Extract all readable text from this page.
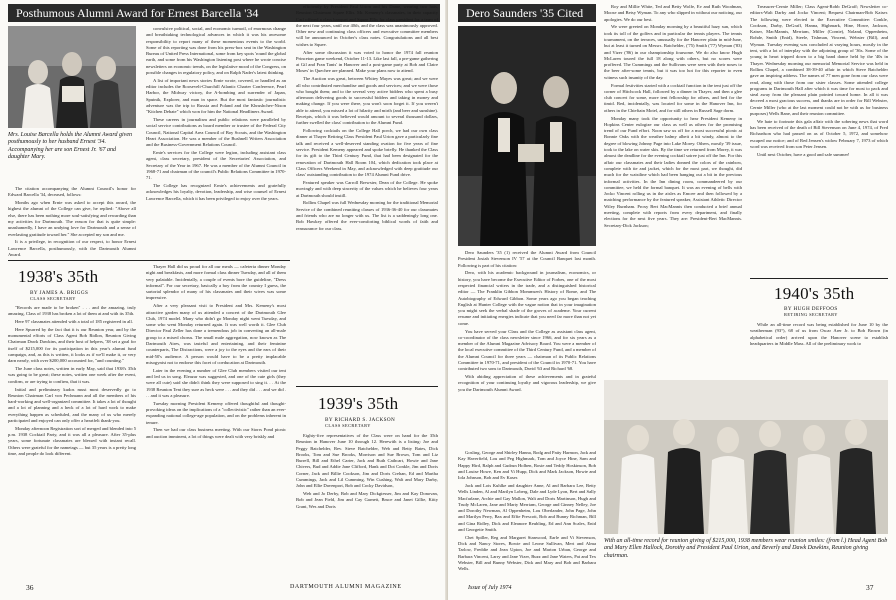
Posthumous Alumni Award for Ernest Barcella '34
Mrs. Louise Barcella holds the Alumni Award given posthumously to her husband Ernest '34. Accompanying her are son Ernest Jr. '67 and daughter Mary.

The citation accompanying the Alumni Council's honor for Edward Barcella '34, deceased, follows:

Months ago when Ernie was asked to accept this award, the highest the alumni of the College can give, he replied: "Above all else, there has been nothing more soul-satisfying and rewarding than my activities for Dartmouth. The reason for that is quite simple: unashamedly, I have an undying love for Dartmouth and a sense of everlasting gratitude toward her." She accepted my son and me.

It is a privilege, in recognition of our respect, to honor Ernest Lawrence Barcella, posthumously, with the Dartmouth Alumni Award.

convulsive political, social, and economic turmoil, of enormous change and breathtaking technological advances in which it was his awesome responsibility to report many of these momentous events to the world. Some of this reporting was done from his press-box seat in the Washington Bureau of United Press International, some from key spots 'round the global earth, and some from his Washington listening post where he wrote concise newsletters on economic trends, on the legislative mood of the Congress, on possible changes in regulatory policy, and on Ralph Nader's latest thinking.

A list of important news stories Ernie wrote, covered, or handled as an editor includes the Roosevelt-Churchill Atlantic Charter Conference, Pearl Harbor, the Midway victory, the A-bombing and surrender of Japan, Sputnik, Explorer, and man in space. But the most fantastic journalistic adventure was the trip to Russia and Poland and the Khrushchev-Nixon "Kitchen Debate" which won for him the National Headliners Award.

These careers in journalism and public relations were paralleled by social service contributions as board member or trustee of the Federal City Council, National Capital Area Council of Boy Scouts, and the Washington Heart Association. He was a member of the Bushnell Writers Association and the Business-Government Relations Council.

Ernie's services for the College were legion, including assistant class agent, class secretary, president of the Secretaries' Association, and Secretary of the Year in 1967. He was a member of the Alumni Council in 1968-71 and chairman of the council's Public Relations Committee in 1970-71.

The College has recognized Ernie's achievements and gratefully acknowledges his loyalty, devotion, leadership, and wise counsel of Ernest Lawrence Barcella, which it has been privileged to enjoy over the years.

1938's 35th
BY JAMES A. BRIGGS
CLASS SECRETARY

"Records are made to be broken" . . . and the amazing, truly amazing, Class of 1938 has broken a lot of them at and with its 35th.

Here 97 classmates attended with a total of 185 registered in all.

Here Spurred by the fact that it is our Reunion year, and by the monumental efforts of Class Agent Bob Ridlon, Reunion Giving Chairman Dawk Dawkins, and their host of helpers, '38 set a goal for itself of $215,000 for its participation in this year's alumni fund campaign, and, as this is written, it looks as if we'll make it, or very darn nearly, with over $200,000 accounted for, "and counting."

The June class notes, written in early May, said that 1938's 35th was going to be great; these notes, written one week after the event, confirm, or are trying to confirm, that it was.

Initial and preliminary kudos must most deservedly go to Reunion Chairman Carl von Pechmann and all the members of his hard-working and well-organized committee. It takes a lot of thought and a lot of planning and a heck of a lot of hard work to make everything happen as scheduled, and the many of us who merely participated and enjoyed can only offer a heartfelt thank-you.

Monday afternoon Registration sort of merged and blended into 5 p.m. 1938 Cocktail Party, and it was all a pleasure. After 35-plus years, some fortunate classmates are blessed with instant recall. Others were grateful for the nametags — but 35 years is a pretty long time, and people do look different.

Thayer Hall did us proud for all our meals — cafeteria dinner Monday night and breakfasts, and more formal class dinner Tuesday, and all of them very palatable. Incidentally, a couple of events bore the guideline, "Dress informal". For our secretary, basically a boy from the country I guess, the sartorial splendor of many of his classmates and their wives was some impressive.

After a very pleasant visit to President and Mrs. Kemeny's most attractive garden many of us attended a concert of the Dartmouth Glee Club, 1974 model. Many who didn't go Monday night went Tuesday, and some who went Monday returned again. It was well worth it. Glee Club Director Paul Zeller has done a tremendous job in converting an all-male group to a mixed chorus. The small male aggregation, now known as The Dartmouth Aires, was tasteful and entertaining, and their feminine counterparts, The Distractions, were a joy to the eyes and the ears of their mid-50's audience. A person would have to be a pretty implacable misogynist not to endorse this facet of coeducation at Dartmouth.

Later in the evening a number of Glee Club members visited our tent and led us in song. Eleazar was suggested, and one of the cute girls (they were all cute) said she didn't think they were supposed to sing it. . . At the 1938 Reunion Tent they sure as heck were . . . and they did . . . and we did . . . and it was a pleasure.

Tuesday morning President Kemeny offered thoughtful and thought-provoking ideas on the implications of a "collectivistic" rather than an ever-expanding national college-age population, and on the problems inherent in tenure.

Then we had our class business meeting. With our Storrs Pond picnic and auction imminent, a lot of things were dealt with very briskly and

efficiently by President Paul Urion and his Dame, wearing two hats, Reunion Chairman Squee Ellis. Mr. Kemeny's classmates, in their capacity Carl offered a class banquet and Squee Ellis for class president for a term of the next four years, until our 40th, and the class was unanimously approved. Other new and continuing class officers and executive committee members will be announced in October's class notes. Congratulations and all best wishes to Squee.

After some discussion it was voted to honor the 1974 fall reunion Princeton game weekend, October 11-13. Like last fall, a pre-game gathering at Gil and Fran Tanis' in Hanover and a post-game party at Bob and Claire Moses' in Quechee are planned. Make your plans now to attend.

The Auction was great, between Whitey Mayes was great; and we were all who contributed merchandise and goods and services; and we were those who bought them; and to the several very active bidders who spent a busy afternoon delivering goods to successful bidders and taking in money and making change. If you were there, you won't soon forget it. If you weren't able to attend, you missed a lot of hilarity and mirth (and beer and sunshine). Receipts, which it was believed would amount to several thousand dollars, further swelled the class' contribution to the Alumni Fund.

Following cocktails on the College Hall porch, we had our own class dinner at Thayer Retiring Class President Paul Urion gave a particularly fine talk and received a well-deserved standing ovation for five years of fine service. President Kemeny appeared and spoke briefly. He thanked the Class for its gift to the Third Century Fund, that had been designated for the renovation of Dartmouth Hall Room 104, which dedication took place at Class Officers Weekend in May, and acknowledged with deep gratitude our class' outstanding contribution to the 1974 Alumni Fund drive.

Featured speaker was Carroll Brewster, Dean of the College. He spoke movingly and with deep sincerity of the values which he believes four years at Dartmouth should instill.

Rollins Chapel was full Wednesday morning for the traditional Memorial Service of the combined reuniting classes of 1936-36-40 for our classmates and friends who are no longer with us. The list is a saddeningly long one. Bob Hawkey offered the ever-comforting biblical words of faith and reassurance for our class.

1939's 35th
BY RICHARD S. JACKSON
CLASS SECRETARY

Eighty-five representatives of the Class were on hand for the 35th Reunion in Hanover June 10 through 12. Herewith is a listing: Joe and Peggy Batchelder, Rev. Steve Batchelder, Web and Betty Bates, Dick Brooks, Tom and Sue Brooks, Morrison and Sue Brown, Tom and Liz Burrell, Bill and Ethel Carter, Jack and Ruth Cathcart, Howie and Jane Chivers, Bud and Addie Jane Clifford, Hank and Dot Conkle, Jim and Doris Corner, Jack and Billie Cookson, Jim and Doris Crehan, Ed and Martha Cummings, Jack and Lil Cumming, Win Cushing, Walt and Mary Darby, John and Ellie Davenport, Bob and Cocky Davidson,

Web and Jo Derby, Bob and Mary Dickgiesser, Jim and Kay Donovan, Bob and Jean Field, Jim and Cay Garnett, Bruce and Janet Gillie, Kitty Grant, Wes and Doris

36	DARTMOUTH ALUMNI MAGAZINE
Dero Saunders '35 Cited

Dero Saunders '35 (1) received the Alumni Award from Council President Josiah Stevenson IV '57 at the Council Banquet last month. Following is part of his citation:

Dero, with his academic background in journalism, economics, or history, you have become the Executive Editor of Forbes, one of the most respected financial writers in the trade, and a distinguished historical editor — The Franklin Gibbon Mommsen's History of Rome, and The Autobiography of Edward Gibbon. Some years ago you began teaching English at Hunter College with the vague notion that in your imagination you might seek the verbal shade of the groves of academe. Your current resume and initiating energies indicate that you need far more than not yet come.

You have served your Class and the College as assistant class agent, co-coordinator of the class newsletter since 1966, and for six years as a member of the Alumni Magazine Advisory Board. You were a member of the local executive committee of the Third Century Fund, and a member of the Alumni Council for three years — chairman of its Public Relations Committee in 1970-71, and president of the Council in 1970-71. You have contributed two sons to Dartmouth, David '63 and Richard '68.

With abiding appreciation of these achievements and in grateful recognition of your continuing loyalty and vigorous leadership, we give you the Dartmouth Alumni Award.

Gosling, George and Shirley Hanna, Rodg and Patty Harmon, Jack and Kay Haverfield, Lou and Peg Highmark, Tom and Joyce Hine, Sam and Happy Hird, Ralph and Gudrun Holben, Bosie and Teddy Hoskinson, Bob and Louise Howe, Ken and Vi Hupp, Dick and Mark Jackson, Howie and Iola Johnson, Bob and Ev Kaser.

Jack and Lois Kuhlke and daughter Anne, Al and Barbara Lee, Betty Wells Linden, Al and Marilyn Loberg, Dale and Lyde Lyon, Bert and Sally Macfarlane, Archie and Gay Mallon, Walt and Doris Martinson, Hugh and Trudy McLaren, Jane and Marty Merriam, George and Ginney Nelley, Joe and Dorothy Newman, Al Oppenheim, Lou Oberlander, John Page, John and Marilyn Perry, Bax and Effie Prescott, Bob and Bunny Richman, Bill and Gina Ridley, Dick and Eleanore Reubling, Ed and Ann Scales, Enid and Georgette Smith.

Chet Spiller, Reg and Margaret Stanwood, Earle and Vi Stevenson, Dick and Nancy Stores, Bowie and Leone Sullivan, Mert and Alma Tarlow, Freddie and Jean Upton, Joe and Marion Urban, George and Barbara Vincent, Larry and Jane Vizer, Buzz and Jane Waters, Pat and Tex Webster, Bill and Bunny Webster, Dick and Mary and Bob and Barbara Wells.

Roy and Millie White, Ted and Betty Wolfe, Ev and Ruth Woodman, Moose and Betsy Wyman. To any who slipped in without our noticing, our apologies. We do our best.

We were greeted on Monday morning by a beautiful hazy sun, which took its toll of the golfers and in particular the tennis players. The tennis tournament, on the terraces, unusually for the Hanover plain in mid-June, but at least it turned on Messrs. Batchelder, ('75) Smith ('77) Wyman ('83) and Vizer ('86) in our championship foursome. We do also know Hugh McLaren toured the full 18 along with others, but no scores were proffered. The Cummings and the Sullivans were seen with their noses to the beer after-some tennis, but it was too hot for this reporter to even witness such insanity of the day.

Formal festivities started with a cocktail function in the tent just off the corner of Hitchcock Hall, followed by a dinner in Thayer, and then a glee club concert for some, more tent fellowship for others, and bed for the timid. Bed, incidentally, was located for some in the Hanover Inn, for others in the Chieftain Motel, and for still others in Russell Sage dorm.

Monday many took the opportunity to hear President Kemeny in Hopkins Center eulogize our class as well as others for the promising trend of our Fund effort. Noon saw us off for a most successful picnic at Bonnie Oaks with the weather balmy albeit a bit windy, almost to the degree of blowing Johnny Page into Lake Morey. Others, mostly '39 issue, took to the lake on water skis. By the time we returned from Morey, it was almost the deadline for the evening cocktail soiree just off the Inn. For this affair our classmates and their ladies donned the colors of the rainbow, complete with tie and jacket, which for the most part, we thought, did much for the waistline which had been hanging out a bit in the previous informal activities. In the Inn dining room, commandeered by our committee, we held the formal banquet. It was an evening of bells with Jocko Vincent rolling us in the aisles as Emcee and then followed by a matching performance by the featured speaker, Assistant Athletic Director Wiley Burnham. Proxy Bert MacMannis then conducted a brief annual meeting, complete with reports from every department, and finally elections for the next five years. They are: President-Bert MacMannis. Secretary-Dick Jackson;

Treasurer-Cernie Miller; Class Agent-Robb DeGraff; Newsletter co-editors-Walt Darby and Jocko Vincent; Bequest Chairman-Bob Kaiser. The following were elected to the Executive Committee: Conkle, Cookson, Darby, DeGraff, Hanna, Highmark, Hine, Howe, Jackson, Kaiser, MacMannis, Merriam, Miller (Cornie), Noland, Oppenheim, Rohde, Smith (Enid), Steele, Tishman, Vincent, Webster (Bill), and Wyman. Tuesday evening was concluded at varying hours, mostly in the tent, with a lot of interplay with the adjoining group of '36s. Some of the young in heart tripped down to a big band dance held by the '40s in Thayer. Wednesday morning our memorial Memorial Service was held in Rollins Chapel, a combined 38-39-40 affair in which Steve Batchelder gave an inspiring address. The names of 77 men gone from our class were read, along with those from our sister classes. Some attended college programs in Dartmouth Hall after which it was time for most to pack and steal away from the pleasant plain pointed toward home. In all it was decreed a most gracious success, and thanks are in order for Bill Webster, Cernie Miller (who at the last moment could not be with us for business purposes) Wells Bane, and their reunion committee.

We hate to footnote this gala affair with the sobering news that word has been received of the death of Bill Stevenson on June 4, 1974, of Fred Richardson who had passed on as of October 5, 1972, and somehow escaped our notice; and of Red Jensen's widow February 7, 1973 of which word was received from son Peter Jensen.

Until next October, have a good and safe summer!

1940's 35th
BY HUGH DEFFOOS
RETIRING SECRETARY

While an all-time record was being established for June 10 by the weatherman (93°), 68 of us from Oscar Arer Jr. to Bob Brown (in alphabetical order) arrived upon the Hanover scene to establish headquarters in Middle Mass. All of the preliminary work to

With an all-time record for reunion giving of $215,000, 1938 members wear reunion smiles: (from l.) Head Agent Bob and Mary Ellen Hallock, Dorothy and President Paul Urion, and Beverly and Dawk Dawkins, Reunion giving chairman.
Issue of July 1974	37
